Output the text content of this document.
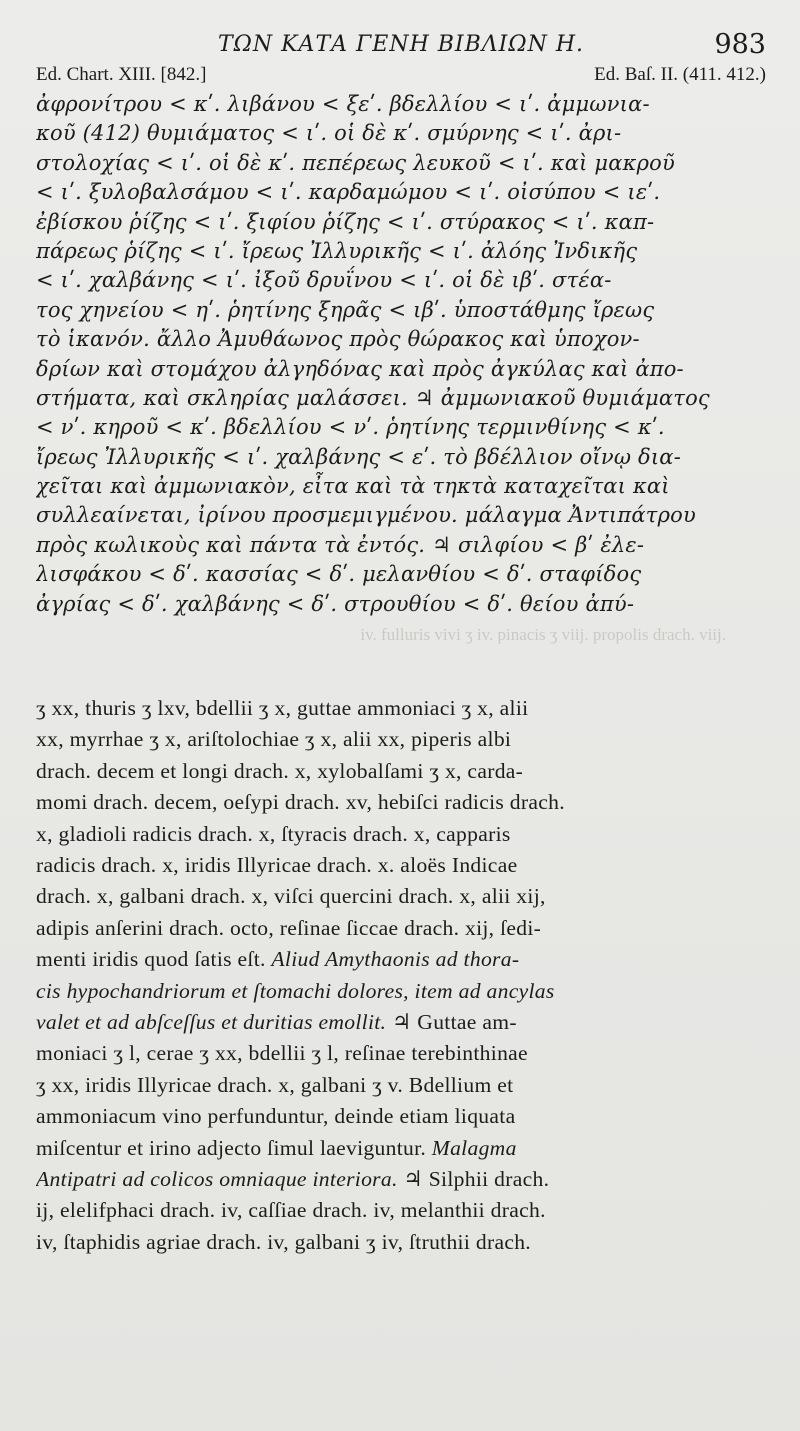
ΤΩΝ ΚΑΤΑ ΓΕΝΗ ΒΙΒΛΙΩΝ Η.	983
Ed. Chart. XIII. [842.]	Ed. Baſ. II. (411. 412.)
ἀφρονίτρου < κʹ. λιβάνου < ξεʹ. βδελλίου < ιʹ. ἀμμωνια-
κοῦ (412) θυμιάματος < ιʹ. οἱ δὲ κʹ. σμύρνης < ιʹ. ἀρι-
στολοχίας < ιʹ. οἱ δὲ κʹ. πεπέρεως λευκοῦ < ιʹ. καὶ μακροῦ
< ιʹ. ξυλοβαλσάμου < ιʹ. καρδαμώμου < ιʹ. οἰσύπου < ιεʹ.
ἐβίσκου ῥίζης < ιʹ. ξιφίου ῥίζης < ιʹ. στύρακος < ιʹ. καπ-
πάρεως ῥίζης < ιʹ. ἴρεως Ἰλλυρικῆς < ιʹ. ἀλόης Ἰνδικῆς
< ιʹ. χαλβάνης < ιʹ. ἰξοῦ δρυΐνου < ιʹ. οἱ δὲ ιβʹ. στέα-
τος χηνείου < ηʹ. ῥητίνης ξηρᾶς < ιβʹ. ὑποστάθμης ἴρεως
τὸ ἱκανόν. ἄλλο Ἀμυθάωνος πρὸς θώρακος καὶ ὑποχον-
δρίων καὶ στομάχου ἀλγηδόνας καὶ πρὸς ἀγκύλας καὶ ἀπο-
στήματα, καὶ σκληρίας μαλάσσει. ♃ ἀμμωνιακοῦ θυμιάματος
< νʹ. κηροῦ < κʹ. βδελλίου < νʹ. ῥητίνης τερμινθίνης < κʹ.
ἴρεως Ἰλλυρικῆς < ιʹ. χαλβάνης < εʹ. τὸ βδέλλιον οἴνῳ δια-
χεῖται καὶ ἀμμωνιακὸν, εἶτα καὶ τὰ τηκτὰ καταχεῖται καὶ
συλλεαίνεται, ἰρίνου προσμεμιγμένου. μάλαγμα Ἀντιπάτρου
πρὸς κωλικοὺς καὶ πάντα τὰ ἐντός. ♃ σιλφίου < βʹ ἐλε-
λισφάκου < δʹ. κασσίας < δʹ. μελανθίου < δʹ. σταφίδος
ἀγρίας < δʹ. χαλβάνης < δʹ. στρουθίου < δʹ. θείου ἀπύ-
iv. fulluris vivi ʒ iv. pinacis ʒ viij. propolis drach. viij.
ʒ xx, thuris ʒ lxv, bdellii ʒ x, guttae ammoniaci ʒ x, alii
xx, myrrhae ʒ x, ariſtolochiae ʒ x, alii xx, piperis albi
drach. decem et longi drach. x, xylobalſami ʒ x, carda-
momi drach. decem, oeſypi drach. xv, hebiſci radicis drach.
x, gladioli radicis drach. x, ſtyracis drach. x, capparis
radicis drach. x, iridis Illyricae drach. x. aloës Indicae
drach. x, galbani drach. x, viſci quercini drach. x, alii xij,
adipis anſerini drach. octo, reſinae ſiccae drach. xij, ſedi-
menti iridis quod ſatis eſt. Aliud Amythaonis ad thora-
cis hypochandriorum et ſtomachi dolores, item ad ancylas
valet et ad abſceſſus et duritias emollit. ♃ Guttae am-
moniaci ʒ l, cerae ʒ xx, bdellii ʒ l, reſinae terebinthinae
ʒ xx, iridis Illyricae drach. x, galbani ʒ v. Bdellium et
ammoniacum vino perfunduntur, deinde etiam liquata
miſcentur et irino adjecto ſimul laeviguntur. Malagma
Antipatri ad colicos omniaque interiora. ♃ Silphii drach.
ij, elelifphaci drach. iv, caſſiae drach. iv, melanthii drach.
iv, ſtaphidis agriae drach. iv, galbani ʒ iv, ſtruthii drach.
